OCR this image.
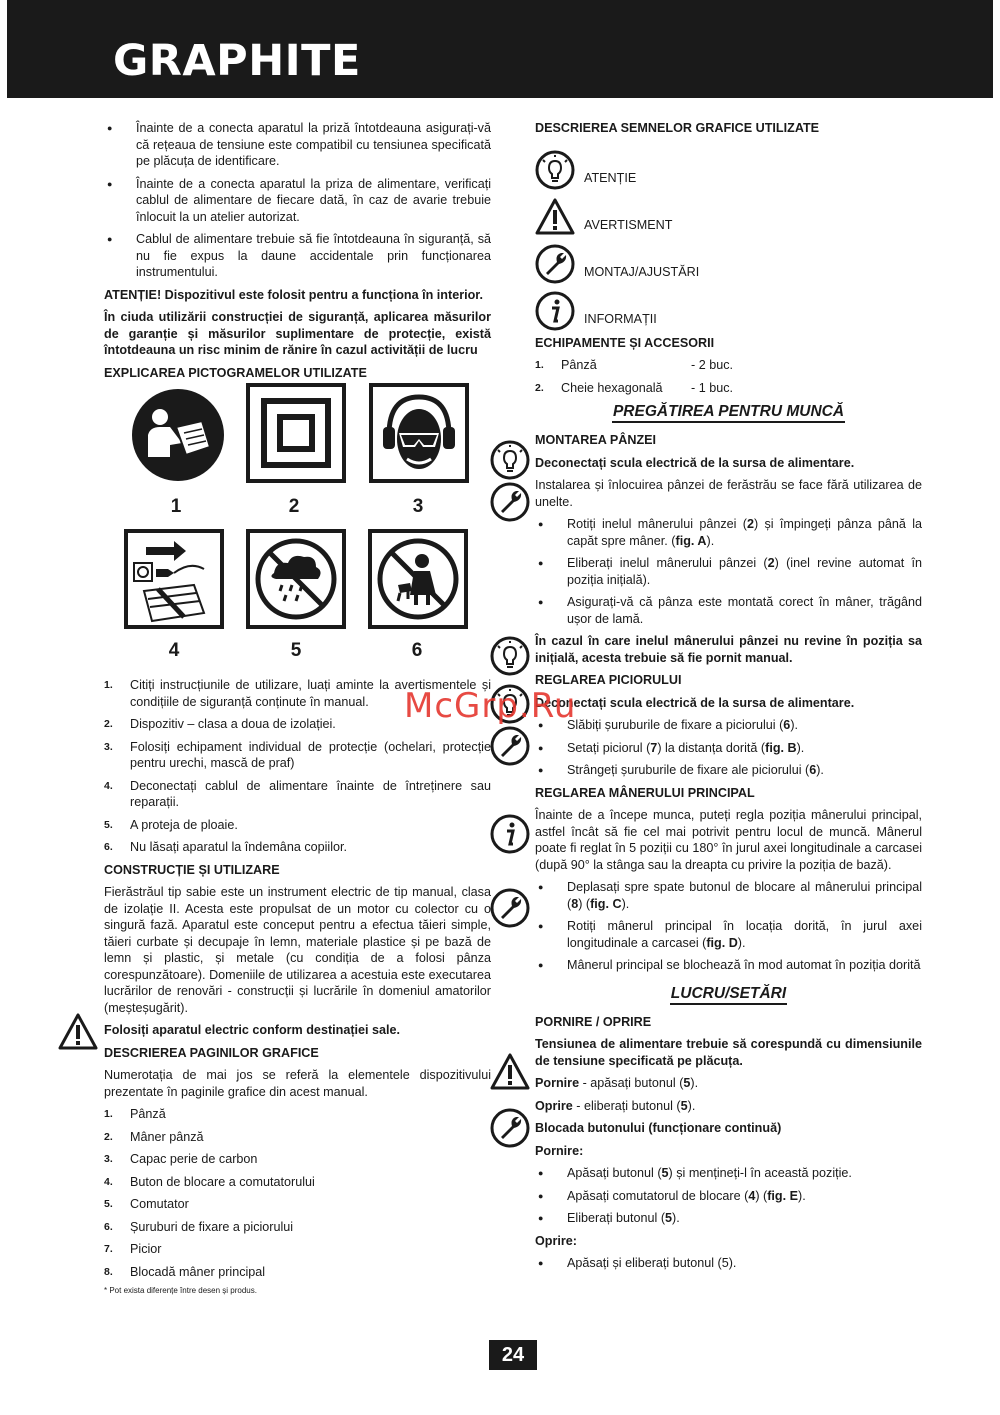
GRAPHITE

● Înainte de a conecta aparatul la priză întotdeauna asigurați-vă că rețeaua de tensiune este compatibil cu tensiunea specificată pe plăcuța de identificare.

● Înainte de a conecta aparatul la priza de alimentare, verificați cablul de alimentare de fiecare dată, în caz de avarie trebuie înlocuit la un atelier autorizat.

● Cablul de alimentare trebuie să fie întotdeauna în siguranță, să nu fie expus la daune accidentale prin funcționarea instrumentului.

ATENȚIE! Dispozitivul este folosit pentru a funcționa în interior.

În ciuda utilizării construcției de siguranță, aplicarea măsurilor de garanție și măsurilor suplimentare de protecție, există întotdeauna un risc minim de rănire în cazul activității de lucru

EXPLICAREA PICTOGRAMELOR UTILIZATE

1	2	3
4	5	6
1.	Citiți instrucțiunile de utilizare, luați aminte la avertismentele și condițiile de siguranță conținute în manual.
2.	Dispozitiv – clasa a doua de izolației.
3.	Folosiți echipament individual de protecție (ochelari, protecție pentru urechi, mască de praf)
4.	Deconectați cablul de alimentare înainte de întreținere sau reparații.
5.	A proteja de ploaie.
6.	Nu lăsați aparatul la îndemâna copiilor.

CONSTRUCȚIE ȘI UTILIZARE

Fierăstrăul tip sabie este un instrument electric de tip manual, clasa de izolație II. Acesta este propulsat de un motor cu colector cu o singură fază. Aparatul este conceput pentru a efectua tăieri simple, tăieri curbate și decupaje în lemn, materiale plastice și pe bază de lemn și plastic, și metale (cu condiția de a folosi pânza corespunzătoare). Domeniile de utilizarea a acestuia este executarea lucrărilor de renovări - construcții și lucrările în domeniul amatorilor (meșteșugărit).

Folosiți aparatul electric conform destinației sale.

DESCRIEREA PAGINILOR GRAFICE

Numerotația de mai jos se referă la elementele dispozitivului prezentate în paginile grafice din acest manual.

1.	Pânză
2.	Mâner pânză
3.	Capac perie de carbon
4.	Buton de blocare a comutatorului
5.	Comutator
6.	Șuruburi de fixare a piciorului
7.	Picior
8.	Blocadă mâner principal
* Pot exista diferențe între desen și produs.

DESCRIEREA SEMNELOR GRAFICE UTILIZATE

ATENȚIE
AVERTISMENT
MONTAJ/AJUSTĂRI
INFORMAȚII

ECHIPAMENTE ȘI ACCESORII

1.	Pânză	- 2 buc.
2.	Cheie hexagonală	- 1 buc.
PREGĂTIREA PENTRU MUNCĂ

MONTAREA PÂNZEI

Deconectați scula electrică de la sursa de alimentare.

Instalarea și înlocuirea pânzei de ferăstrău se face fără utilizarea de unelte.

● Rotiți inelul mânerului pânzei (2) și împingeți pânza până la capăt spre mâner. (fig. A).

● Eliberați inelul mânerului pânzei (2) (inel revine automat în poziția inițială).

● Asigurați-vă că pânza este montată corect în mâner, trăgând ușor de lamă.

În cazul în care inelul mânerului pânzei nu revine în poziția sa inițială, acesta trebuie să fie pornit manual.

REGLAREA PICIORULUI

Deconectați scula electrică de la sursa de alimentare.

● Slăbiți șuruburile de fixare a piciorului (6).

● Setați piciorul (7) la distanța dorită (fig. B).

● Strângeți șuruburile de fixare ale piciorului (6).

REGLAREA MÂNERULUI PRINCIPAL

Înainte de a începe munca, puteți regla poziția mânerului principal, astfel încât să fie cel mai potrivit pentru locul de muncă. Mânerul poate fi reglat în 5 poziții cu 180° în jurul axei longitudinale a carcasei (după 90° la stânga sau la dreapta cu privire la poziția de bază).

● Deplasați spre spate butonul de blocare al mânerului principal (8) (fig. C).

● Rotiți mânerul principal în locația dorită, în jurul axei longitudinale a carcasei (fig. D).

● Mânerul principal se blochează în mod automat în poziția dorită

LUCRU/SETĂRI

PORNIRE / OPRIRE

Tensiunea de alimentare trebuie să corespundă cu dimensiunile de tensiune specificată pe plăcuța.

Pornire - apăsați butonul (5).

Oprire - eliberați butonul (5).

Blocada butonului (funcționare continuă)

Pornire:

● Apăsați butonul (5) și mențineți-l în această poziție.

● Apăsați comutatorul de blocare (4) (fig. E).

● Eliberați butonul (5).

Oprire:

● Apăsați și eliberați butonul (5).

McGrp.Ru
24
